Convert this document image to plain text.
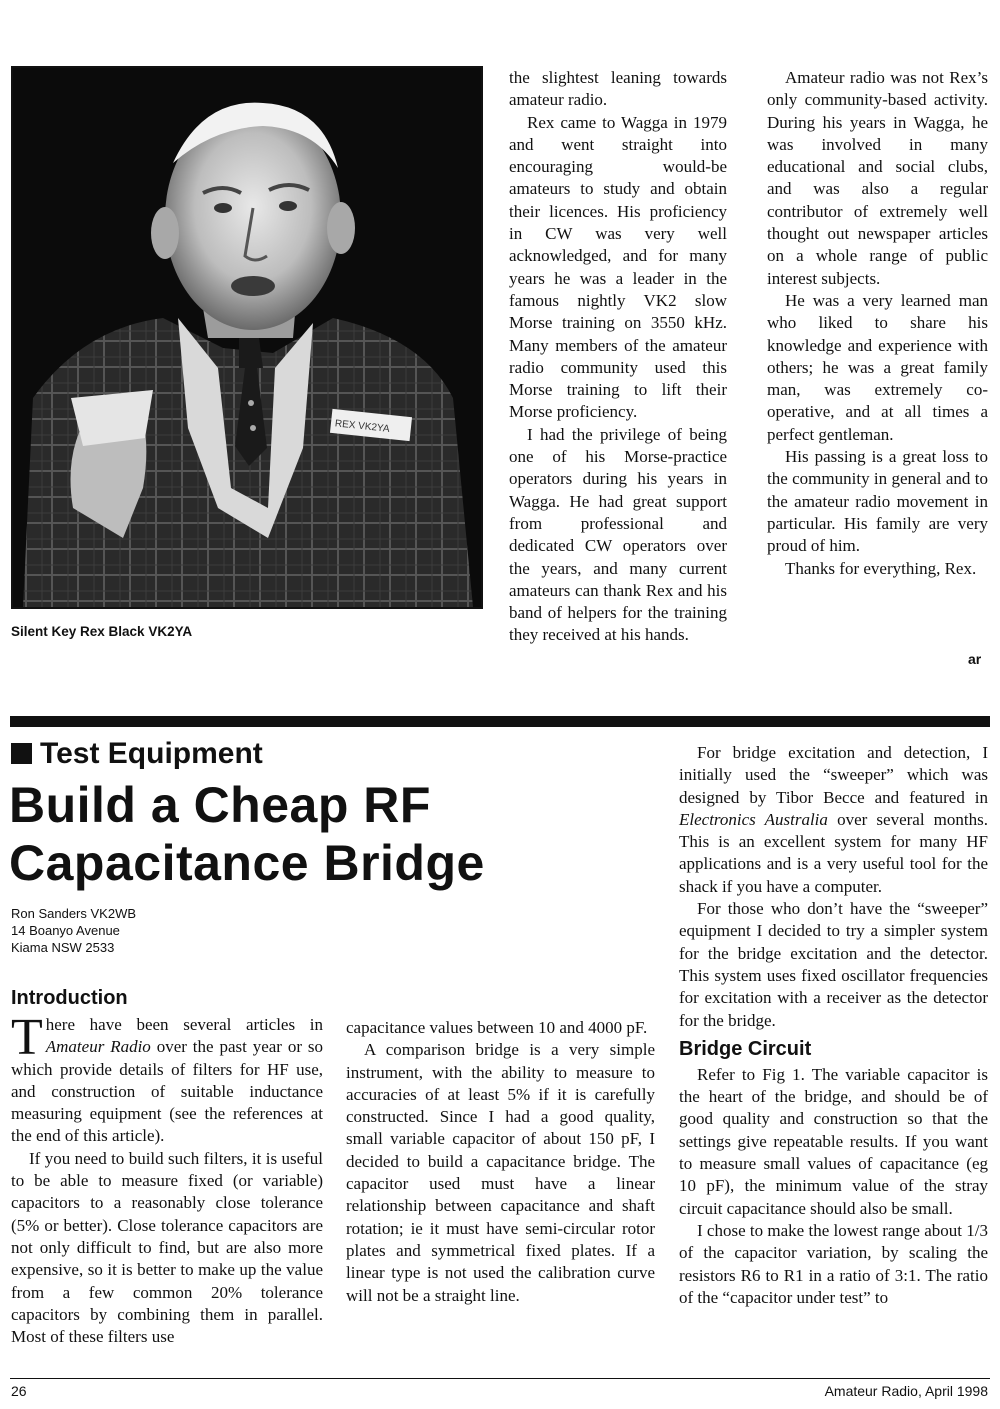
REX VK2YA
Silent Key Rex Black VK2YA

the slightest leaning towards amateur radio.

Rex came to Wagga in 1979 and went straight into encouraging would-be amateurs to study and obtain their licences. His proficiency in CW was very well acknowledged, and for many years he was a leader in the famous nightly VK2 slow Morse training on 3550 kHz. Many members of the amateur radio community used this Morse training to lift their Morse proficiency.

I had the privilege of being one of his Morse-practice operators during his years in Wagga. He had great support from professional and dedicated CW operators over the years, and many current amateurs can thank Rex and his band of helpers for the training they received at his hands.

Amateur radio was not Rex’s only community-based activity. During his years in Wagga, he was involved in many educational and social clubs, and was also a regular contributor of extremely well thought out newspaper articles on a whole range of public interest subjects.

He was a very learned man who liked to share his knowledge and experience with others; he was a great family man, was extremely co-operative, and at all times a perfect gentleman.

His passing is a great loss to the community in general and to the amateur radio movement in particular. His family are very proud of him.

Thanks for everything, Rex.

ar
Test Equipment
Build a Cheap RF
Capacitance Bridge
Ron Sanders VK2WB
14 Boanyo Avenue
Kiama NSW 2533
Introduction

There have been several articles in Amateur Radio over the past year or so which provide details of filters for HF use, and construction of suitable inductance measuring equipment (see the references at the end of this article).

If you need to build such filters, it is useful to be able to measure fixed (or variable) capacitors to a reasonably close tolerance (5% or better). Close tolerance capacitors are not only difficult to find, but are also more expensive, so it is better to make up the value from a few common 20% tolerance capacitors by combining them in parallel. Most of these filters use

capacitance values between 10 and 4000 pF.

A comparison bridge is a very simple instrument, with the ability to measure to accuracies of at least 5% if it is carefully constructed. Since I had a good quality, small variable capacitor of about 150 pF, I decided to build a capacitance bridge. The capacitor used must have a linear relationship between capacitance and shaft rotation; ie it must have semi-circular rotor plates and symmetrical fixed plates. If a linear type is not used the calibration curve will not be a straight line.

For bridge excitation and detection, I initially used the “sweeper” which was designed by Tibor Becce and featured in Electronics Australia over several months. This is an excellent system for many HF applications and is a very useful tool for the shack if you have a computer.

For those who don’t have the “sweeper” equipment I decided to try a simpler system for the bridge excitation and the detector. This system uses fixed oscillator frequencies for excitation with a receiver as the detector for the bridge.

Bridge Circuit

Refer to Fig 1. The variable capacitor is the heart of the bridge, and should be of good quality and construction so that the settings give repeatable results. If you want to measure small values of capacitance (eg 10 pF), the minimum value of the stray circuit capacitance should also be small.

I chose to make the lowest range about 1/3 of the capacitor variation, by scaling the resistors R6 to R1 in a ratio of 3:1. The ratio of the “capacitor under test” to

26	Amateur Radio, April 1998
